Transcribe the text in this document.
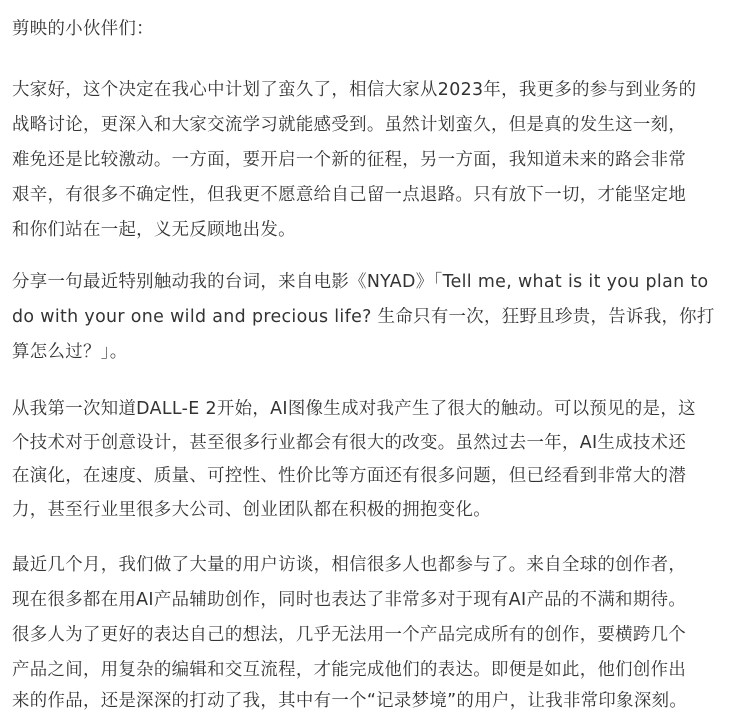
剪映的小伙伴们：
大家好，这个决定在我心中计划了蛮久了，相信大家从2023年，我更多的参与到业务的
战略讨论，更深入和大家交流学习就能感受到。虽然计划蛮久，但是真的发生这一刻，
难免还是比较激动。一方面，要开启一个新的征程，另一方面，我知道未来的路会非常
艰辛，有很多不确定性，但我更不愿意给自己留一点退路。只有放下一切，才能坚定地
和你们站在一起，义无反顾地出发。
分享一句最近特别触动我的台词，来自电影《NYAD》「Tell me, what is it you plan to
do with your one wild and precious life? 生命只有一次，狂野且珍贵，告诉我，你打
算怎么过？」。
从我第一次知道DALL-E 2开始，AI图像生成对我产生了很大的触动。可以预见的是，这
个技术对于创意设计，甚至很多行业都会有很大的改变。虽然过去一年，AI生成技术还
在演化，在速度、质量、可控性、性价比等方面还有很多问题，但已经看到非常大的潜
力，甚至行业里很多大公司、创业团队都在积极的拥抱变化。
最近几个月，我们做了大量的用户访谈，相信很多人也都参与了。来自全球的创作者，
现在很多都在用AI产品辅助创作，同时也表达了非常多对于现有AI产品的不满和期待。
很多人为了更好的表达自己的想法，几乎无法用一个产品完成所有的创作，要横跨几个
产品之间，用复杂的编辑和交互流程，才能完成他们的表达。即便是如此，他们创作出
来的作品，还是深深的打动了我，其中有一个“记录梦境”的用户，让我非常印象深刻。
